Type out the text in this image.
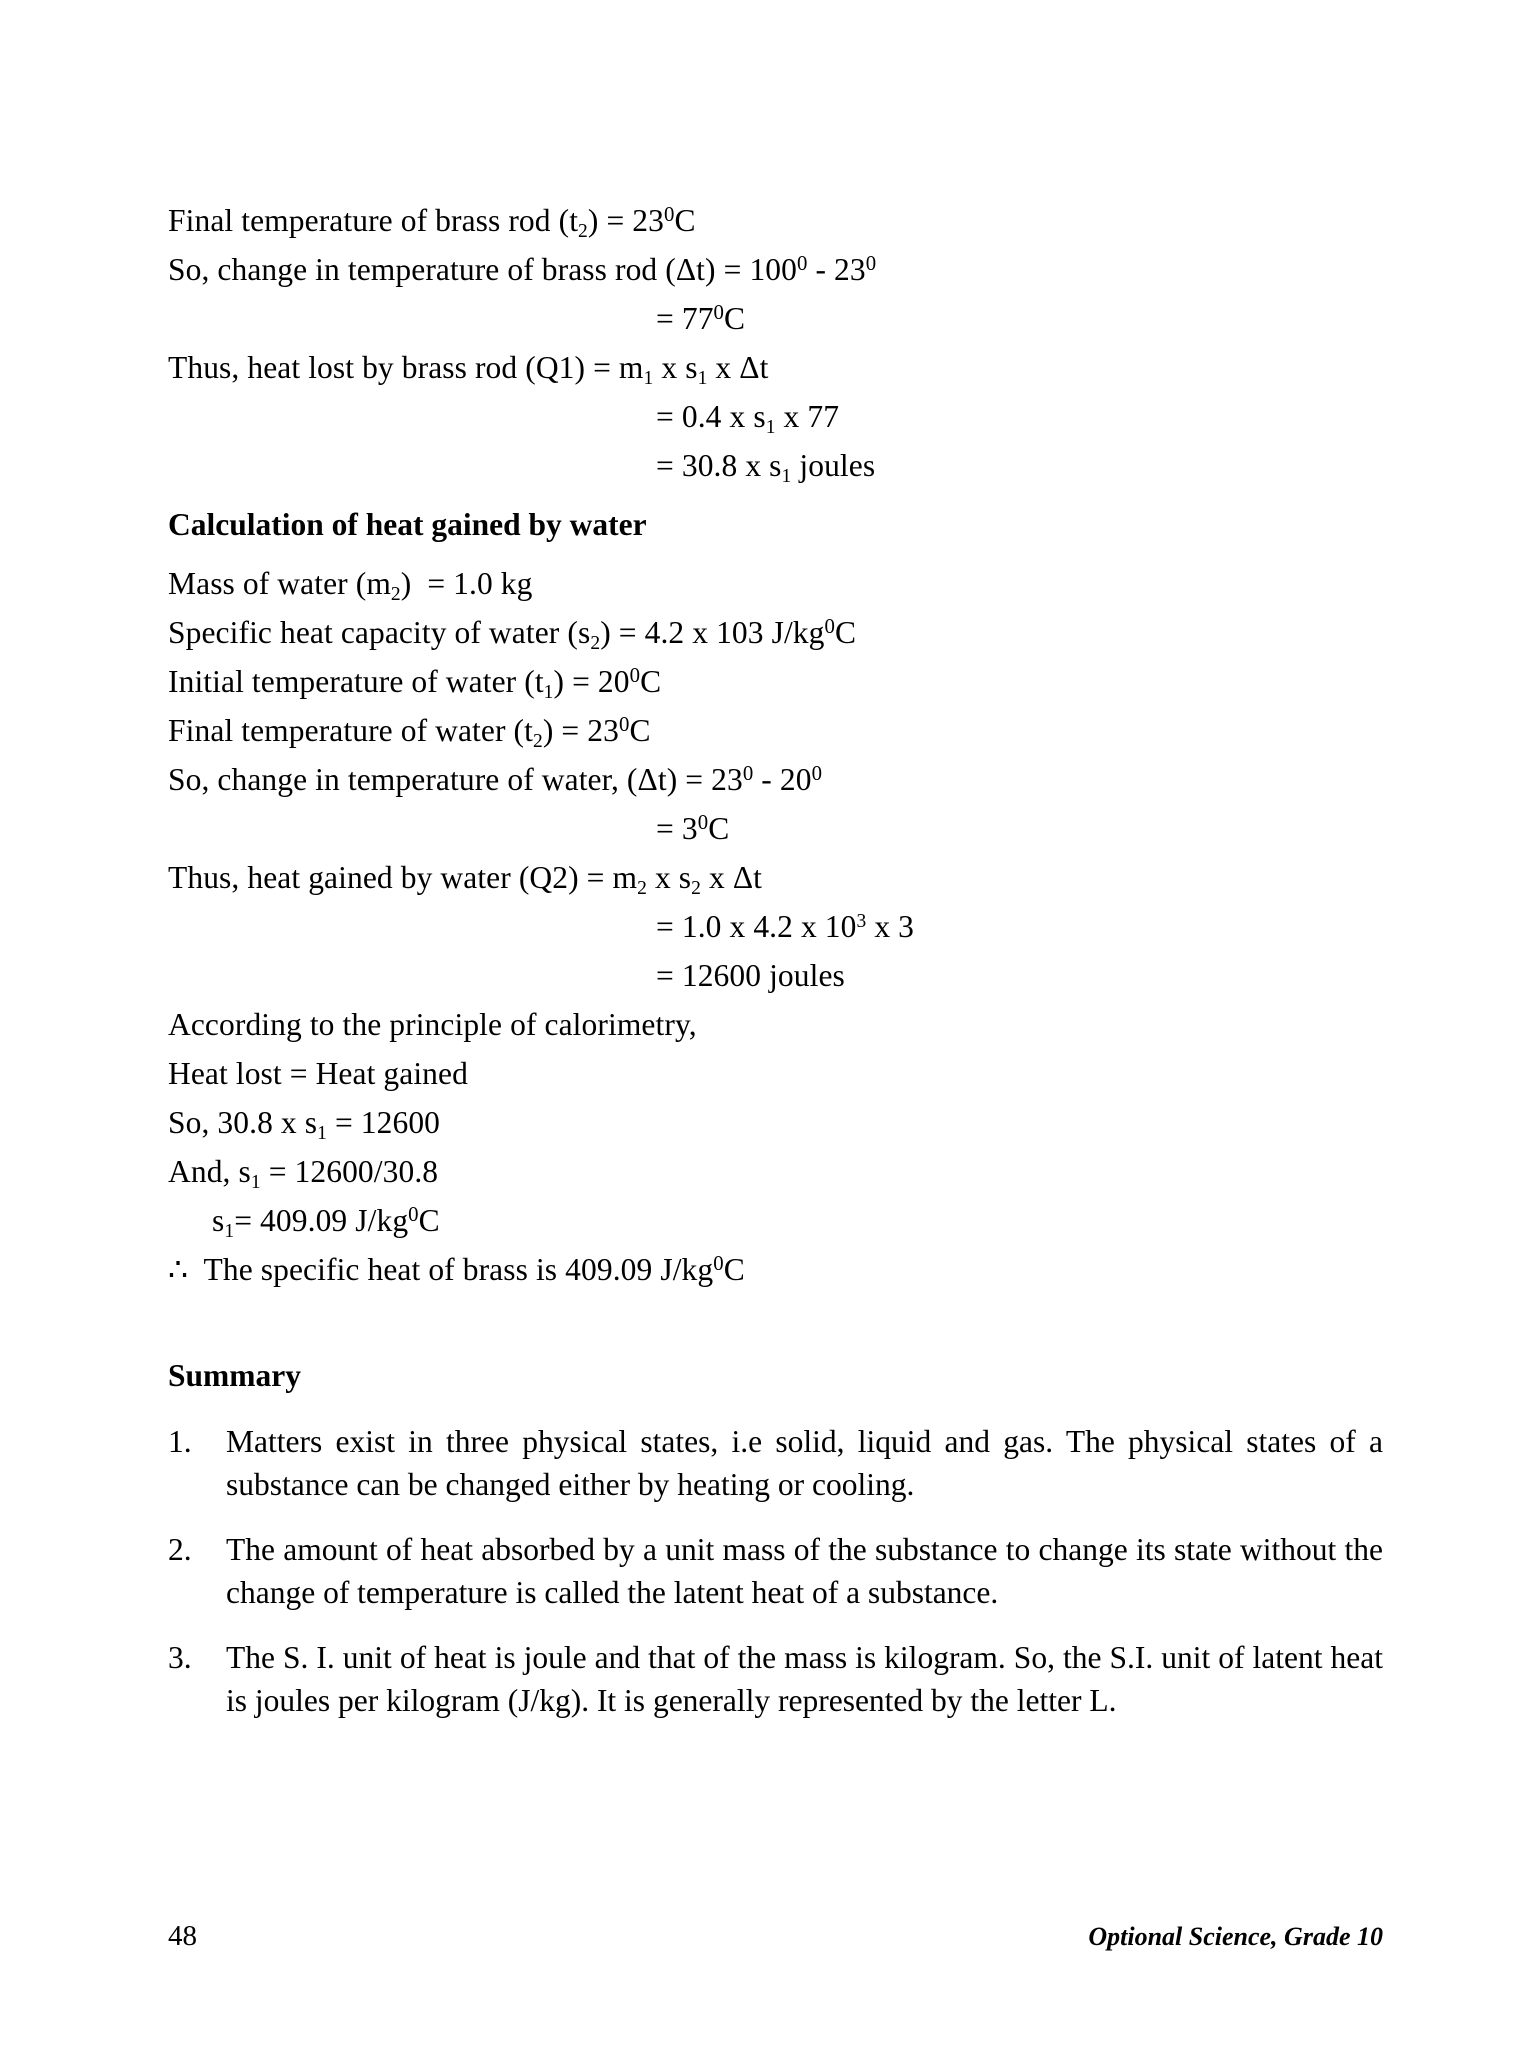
Final temperature of brass rod $(t_2) = 23^0C$
So, change in temperature of brass rod $(\Delta t) = 100^0 - 23^0$
= $77^0C$
Thus, heat lost by brass rod $(Q1) = m_1$ x $s_1$ x Δt
= 0.4 x $s_1$ x 77
= 30.8 x $s_1$ joules
Calculation of heat gained by water
Mass of water $(m_2) = 1.0$ kg
Specific heat capacity of water $(s_2) = 4.2$ x 103 $J/kg^0C$
Initial temperature of water $(t_1) = 20^0C$
Final temperature of water $(t_2) = 23^0C$
So, change in temperature of water, $(\Delta t) = 23^0 - 20^0$
= $3^0C$
Thus, heat gained by water $(Q2) = m_2$ x $s_2$ x Δt
= 1.0 x 4.2 x $10^3$ x 3
= 12600 joules
According to the principle of calorimetry,
Heat lost = Heat gained
So, 30.8 x $s_1 = 12600$
And, $s_1 = 12600/30.8$
$s_1= 409.09$ $J/kg^0C$
∴  The specific heat of brass is 409.09 $J/kg^0C$
Summary
1.	Matters exist in three physical states, i.e solid, liquid and gas. The physical states of a substance can be changed either by heating or cooling.
2.	The amount of heat absorbed by a unit mass of the substance to change its state without the change of temperature is called the latent heat of a substance.
3.	The S. I. unit of heat is joule and that of the mass is kilogram. So, the S.I. unit of latent heat is joules per kilogram (J/kg). It is generally represented by the letter L.
48	Optional Science, Grade 10
